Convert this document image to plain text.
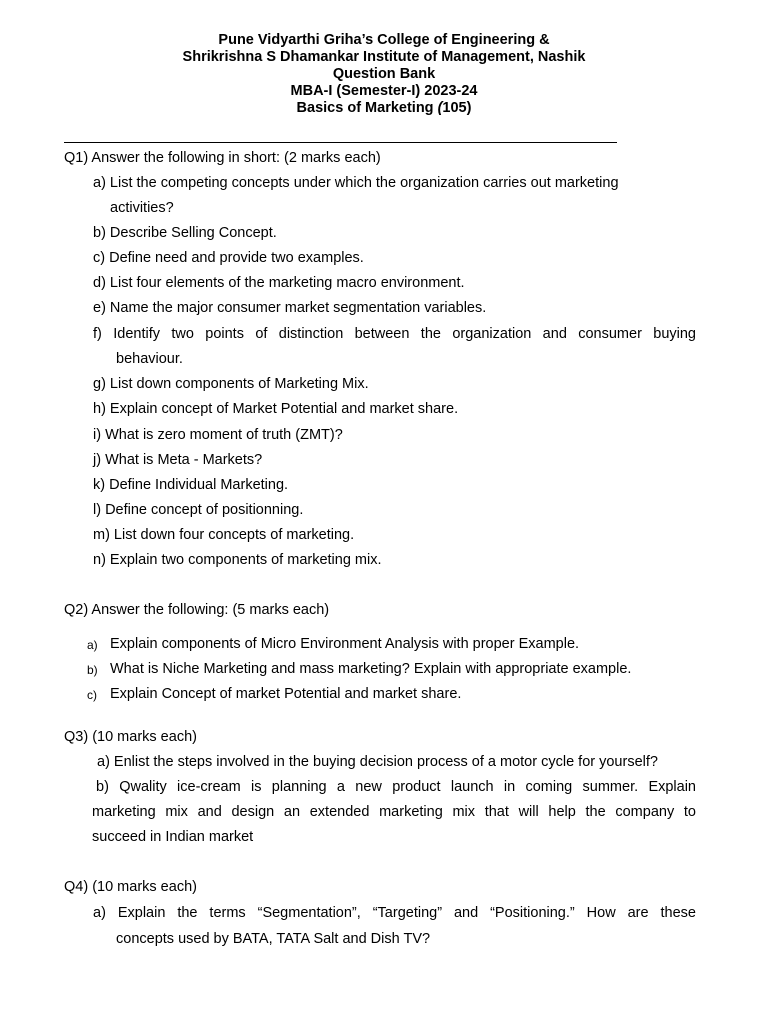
Pune Vidyarthi Griha’s College of Engineering &
Shrikrishna S Dhamankar Institute of Management, Nashik
Question Bank
MBA-I (Semester-I) 2023-24
Basics of Marketing (105)
Q1) Answer the following in short: (2 marks each)
a) List the competing concepts under which the organization carries out marketing
activities?
b) Describe Selling Concept.
c) Define need and provide two examples.
d) List four elements of the marketing macro environment.
e) Name the major consumer market segmentation variables.
f) Identify two points of distinction between the organization and consumer buying
behaviour.
g) List down components of Marketing Mix.
h) Explain concept of Market Potential and market share.
i) What is zero moment of truth (ZMT)?
j) What is Meta - Markets?
k) Define Individual Marketing.
l) Define concept of positionning.
m) List down four concepts of marketing.
n) Explain two components of marketing mix.
Q2) Answer the following: (5 marks each)
a) Explain components of Micro Environment Analysis with proper Example.
b) What is Niche Marketing and mass marketing? Explain with appropriate example.
c) Explain Concept of market Potential and market share.
Q3) (10 marks each)
a) Enlist the steps involved in the buying decision process of a motor cycle for yourself?
b) Qwality ice-cream is planning a new product launch in coming summer. Explain
marketing mix and design an extended marketing mix that will help the company to
succeed in Indian market
Q4) (10 marks each)
a) Explain the terms “Segmentation”, “Targeting” and “Positioning.” How are these
concepts used by BATA, TATA Salt and Dish TV?
